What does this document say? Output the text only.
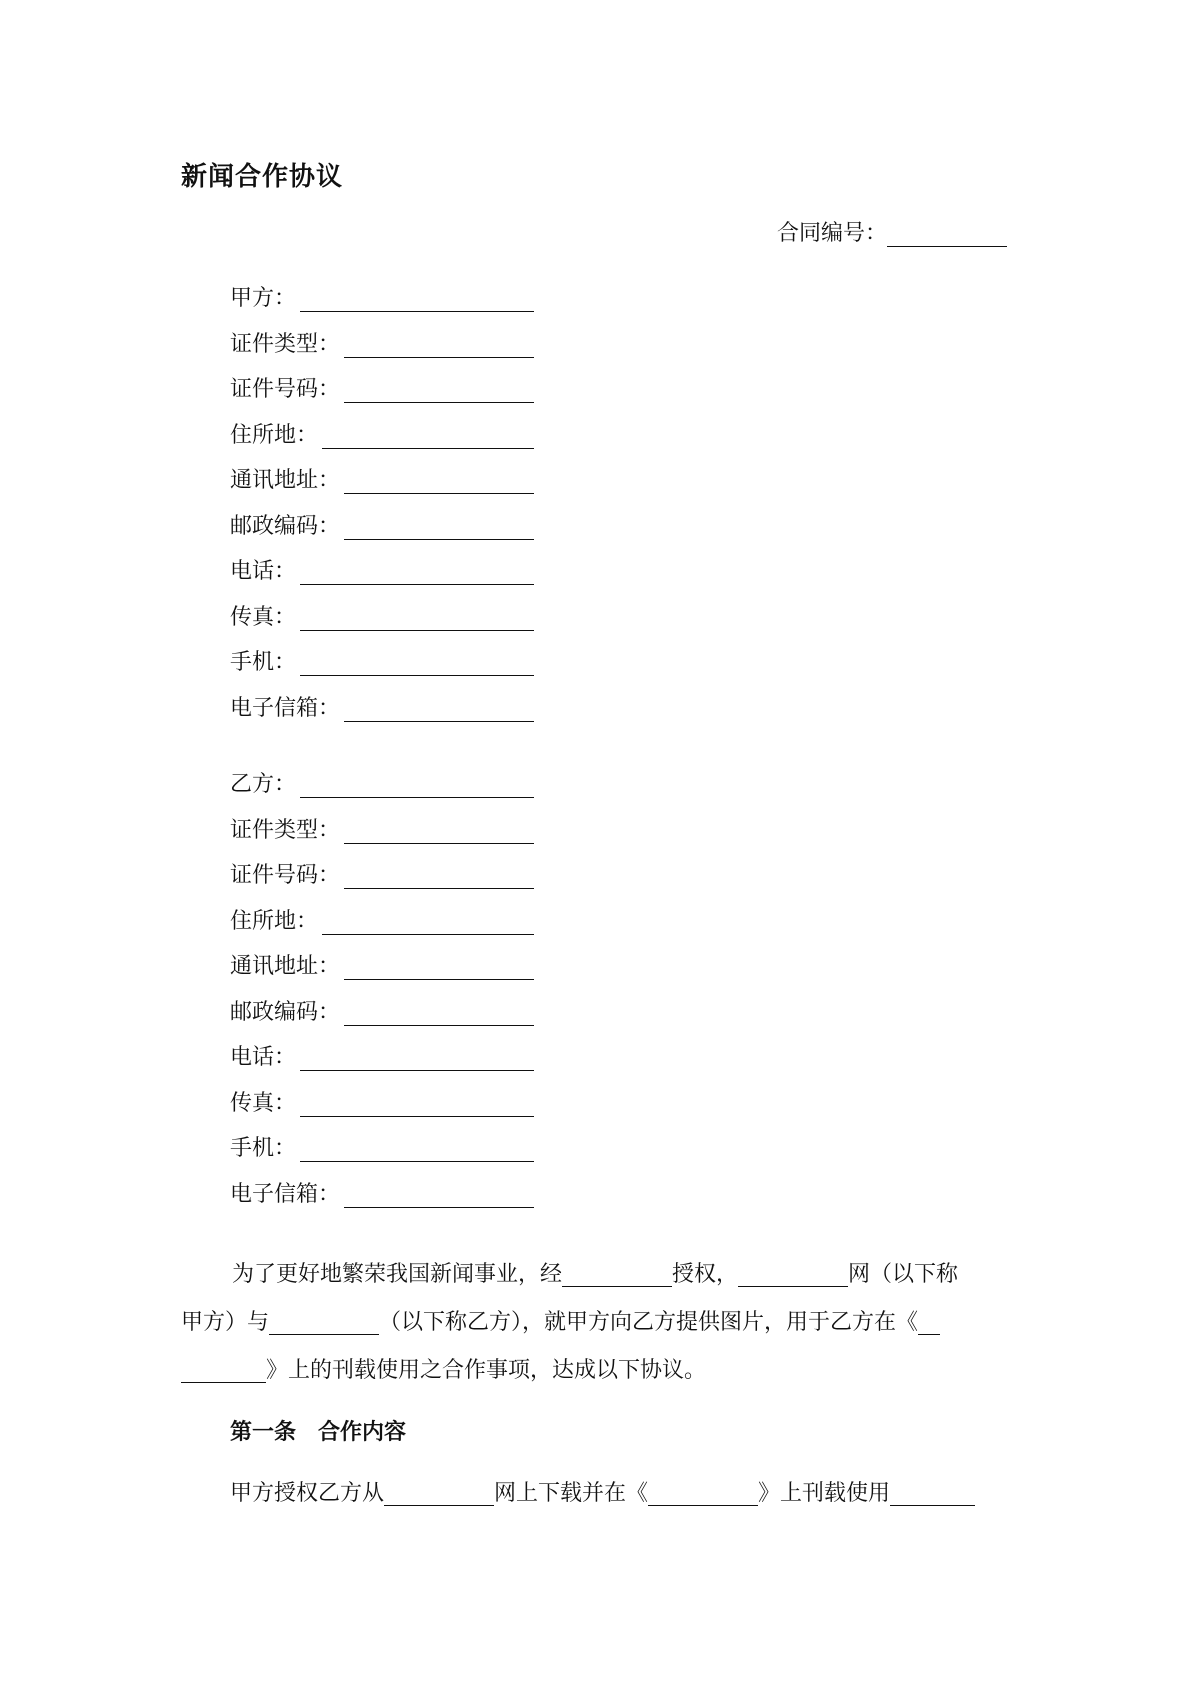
新闻合作协议
合同编号：
甲方：
证件类型：
证件号码：
住所地：
通讯地址：
邮政编码：
电话：
传真：
手机：
电子信箱：
乙方：
证件类型：
证件号码：
住所地：
通讯地址：
邮政编码：
电话：
传真：
手机：
电子信箱：
为了更好地繁荣我国新闻事业，经	授权，	网（以下称
甲方）与	（以下称乙方），就甲方向乙方提供图片，用于乙方在《
》上的刊载使用之合作事项，达成以下协议。
第一条　合作内容
甲方授权乙方从	网上下载并在《	》上刊载使用
